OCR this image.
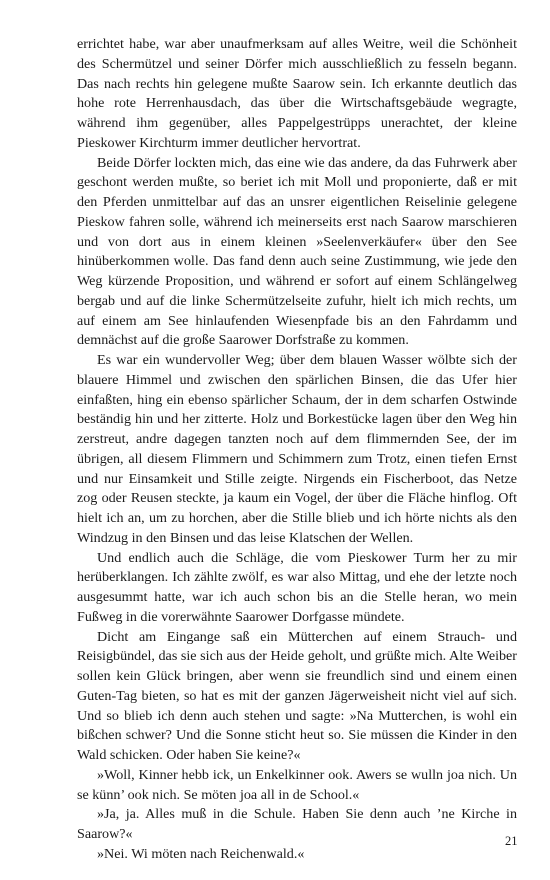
errichtet habe, war aber unaufmerksam auf alles Weitre, weil die Schönheit des Schermützel und seiner Dörfer mich ausschließlich zu fesseln begann. Das nach rechts hin gelegene mußte Saarow sein. Ich erkannte deutlich das hohe rote Herrenhausdach, das über die Wirtschaftsgebäude wegragte, während ihm gegenüber, alles Pappelgestrüpps unerachtet, der kleine Pieskower Kirchturm immer deutlicher hervortrat.

Beide Dörfer lockten mich, das eine wie das andere, da das Fuhrwerk aber geschont werden mußte, so beriet ich mit Moll und proponierte, daß er mit den Pferden unmittelbar auf das an unsrer eigentlichen Reiselinie gelegene Pieskow fahren solle, während ich meinerseits erst nach Saarow marschieren und von dort aus in einem kleinen »Seelenverkäufer« über den See hinüberkommen wolle. Das fand denn auch seine Zustimmung, wie jede den Weg kürzende Proposition, und während er sofort auf einem Schlängelweg bergab und auf die linke Schermützelseite zufuhr, hielt ich mich rechts, um auf einem am See hinlaufenden Wiesenpfade bis an den Fahrdamm und demnächst auf die große Saarower Dorfstraße zu kommen.

Es war ein wundervoller Weg; über dem blauen Wasser wölbte sich der blauere Himmel und zwischen den spärlichen Binsen, die das Ufer hier einfaßten, hing ein ebenso spärlicher Schaum, der in dem scharfen Ostwinde beständig hin und her zitterte. Holz und Borkestücke lagen über den Weg hin zerstreut, andre dagegen tanzten noch auf dem flimmernden See, der im übrigen, all diesem Flimmern und Schimmern zum Trotz, einen tiefen Ernst und nur Einsamkeit und Stille zeigte. Nirgends ein Fischerboot, das Netze zog oder Reusen steckte, ja kaum ein Vogel, der über die Fläche hinflog. Oft hielt ich an, um zu horchen, aber die Stille blieb und ich hörte nichts als den Windzug in den Binsen und das leise Klatschen der Wellen.

Und endlich auch die Schläge, die vom Pieskower Turm her zu mir herüberklangen. Ich zählte zwölf, es war also Mittag, und ehe der letzte noch ausgesummt hatte, war ich auch schon bis an die Stelle heran, wo mein Fußweg in die vorerwähnte Saarower Dorfgasse mündete.

Dicht am Eingange saß ein Mütterchen auf einem Strauch- und Reisigbündel, das sie sich aus der Heide geholt, und grüßte mich. Alte Weiber sollen kein Glück bringen, aber wenn sie freundlich sind und einem einen Guten-Tag bieten, so hat es mit der ganzen Jägerweisheit nicht viel auf sich. Und so blieb ich denn auch stehen und sagte: »Na Mutterchen, is wohl ein bißchen schwer? Und die Sonne sticht heut so. Sie müssen die Kinder in den Wald schicken. Oder haben Sie keine?«

»Woll, Kinner hebb ick, un Enkelkinner ook. Awers se wulln joa nich. Un se künn’ ook nich. Se möten joa all in de School.«

»Ja, ja. Alles muß in die Schule. Haben Sie denn auch ’ne Kirche in Saarow?«

»Nei. Wi möten nach Reichenwald.«

21
